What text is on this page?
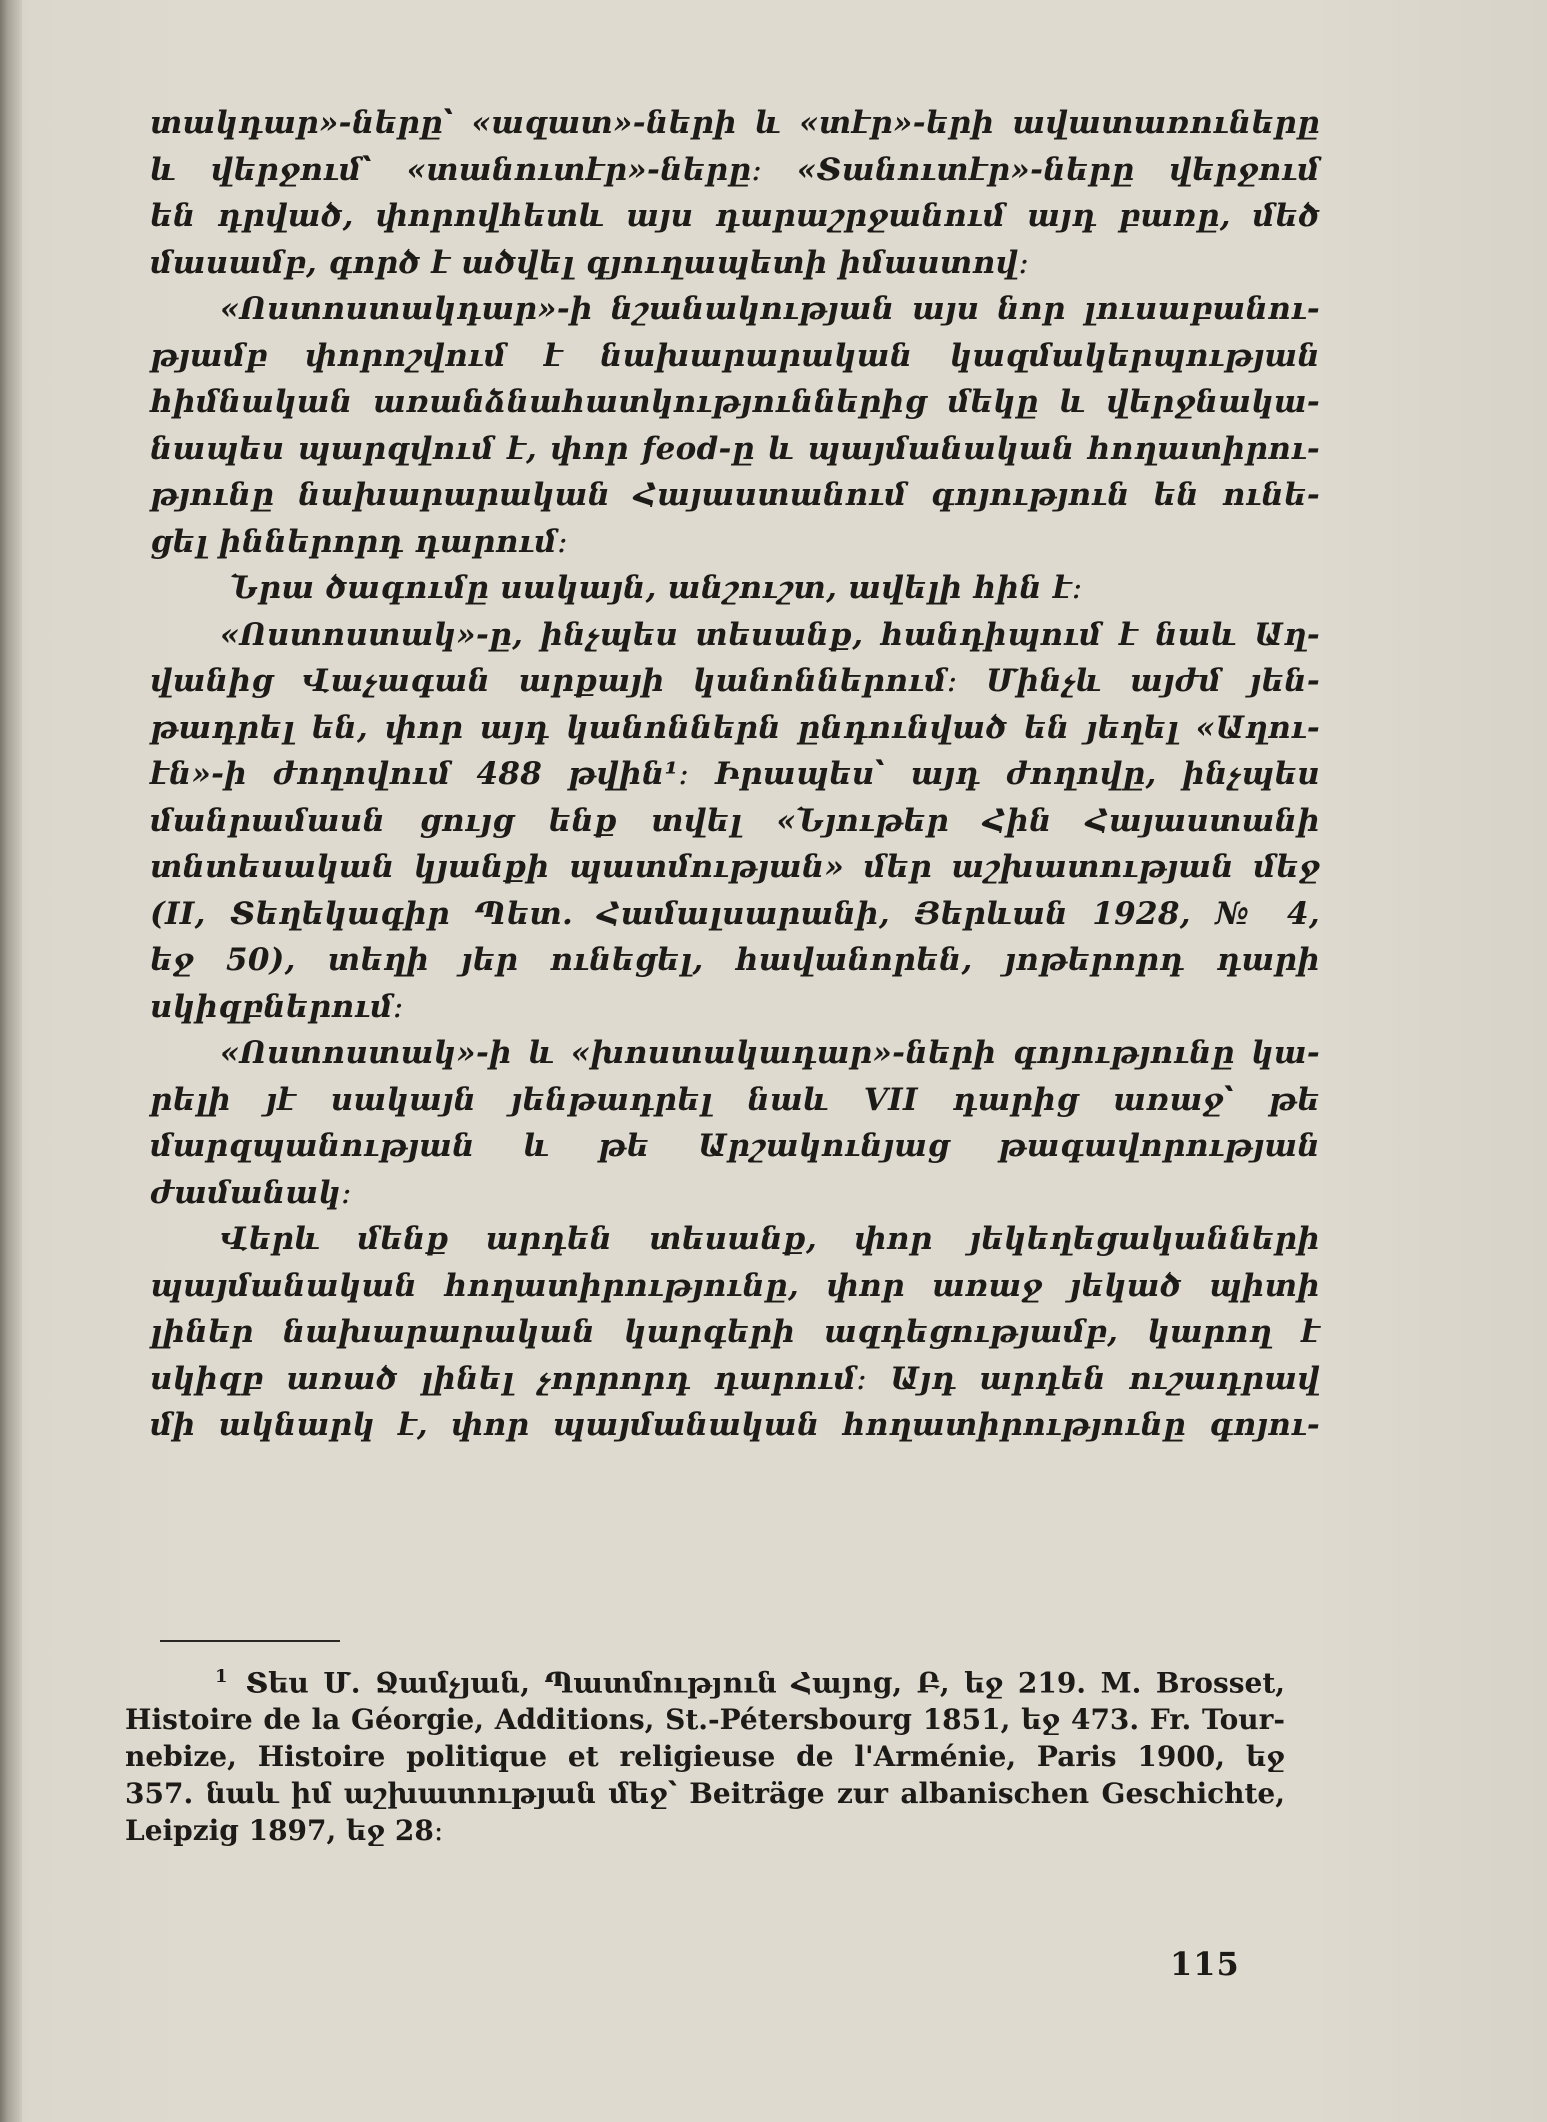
տակդար»-ները՝ «ազատ»-ների և «տէր»-երի ավատառուները
և վերջում՝ «տանուտէր»-ները։ «Տանուտէր»-ները վերջում
են դրված, փորովհետև այս դարաշրջանում այդ բառը, մեծ
մասամբ, գործ է ածվել գյուղապետի իմաստով։
«Ոստոստակդար»-ի նշանակության այս նոր լուսաբանու-
թյամբ փորոշվում է նախարարական կազմակերպության
հիմնական առանձնահատկություններից մեկը և վերջնակա-
նապես պարզվում է, փոր feod-ը և պայմանական հողատիրու-
թյունը նախարարական Հայաստանում գոյություն են ունե-
ցել իններորդ դարում։
Նրա ծագումը սակայն, անշուշտ, ավելի հին է։
«Ոստոստակ»-ը, ինչպես տեսանք, հանդիպում է նաև Աղ-
վանից Վաչագան արքայի կանոններում։ Մինչև այժմ յեն-
թադրել են, փոր այդ կանոններն ընդունված են յեղել «Աղու-
էն»-ի ժողովում 488 թվին¹։ Իրապես՝ այդ ժողովը, ինչպես
մանրամասն ցույց ենք տվել «Նյութեր Հին Հայաստանի
տնտեսական կյանքի պատմության» մեր աշխատության մեջ
(II, Տեղեկագիր Պետ․ Համալսարանի, Յերևան 1928, № 4,
եջ 50), տեղի յեր ունեցել, հավանորեն, յոթերորդ դարի
սկիզբներում։
«Ոստոստակ»-ի և «խոստակադար»-ների գոյությունը կա-
րելի յէ սակայն յենթադրել նաև VII դարից առաջ՝ թե
մարզպանության և թե Արշակունյաց թագավորության
ժամանակ։
Վերև մենք արդեն տեսանք, փոր յեկեղեցականների
պայմանական հողատիրությունը, փոր առաջ յեկած պիտի
լիներ նախարարական կարգերի ազդեցությամբ, կարող է
սկիզբ առած լինել չորրորդ դարում։ Այդ արդեն ուշադրավ
մի ակնարկ է, փոր պայմանական հողատիրությունը գոյու-
$^1$ Տես Մ. Ջամչյան, Պատմություն Հայոց, Բ, եջ 219. M. Brosset,
Histoire de la Géorgie, Additions, St.-Pétersbourg 1851, եջ 473. Fr. Tour-
nebize, Histoire politique et religieuse de l'Arménie, Paris 1900, եջ
357. նաև իմ աշխատության մեջ՝ Beiträge zur albanischen Geschichte,
Leipzig 1897, եջ 28։
115
